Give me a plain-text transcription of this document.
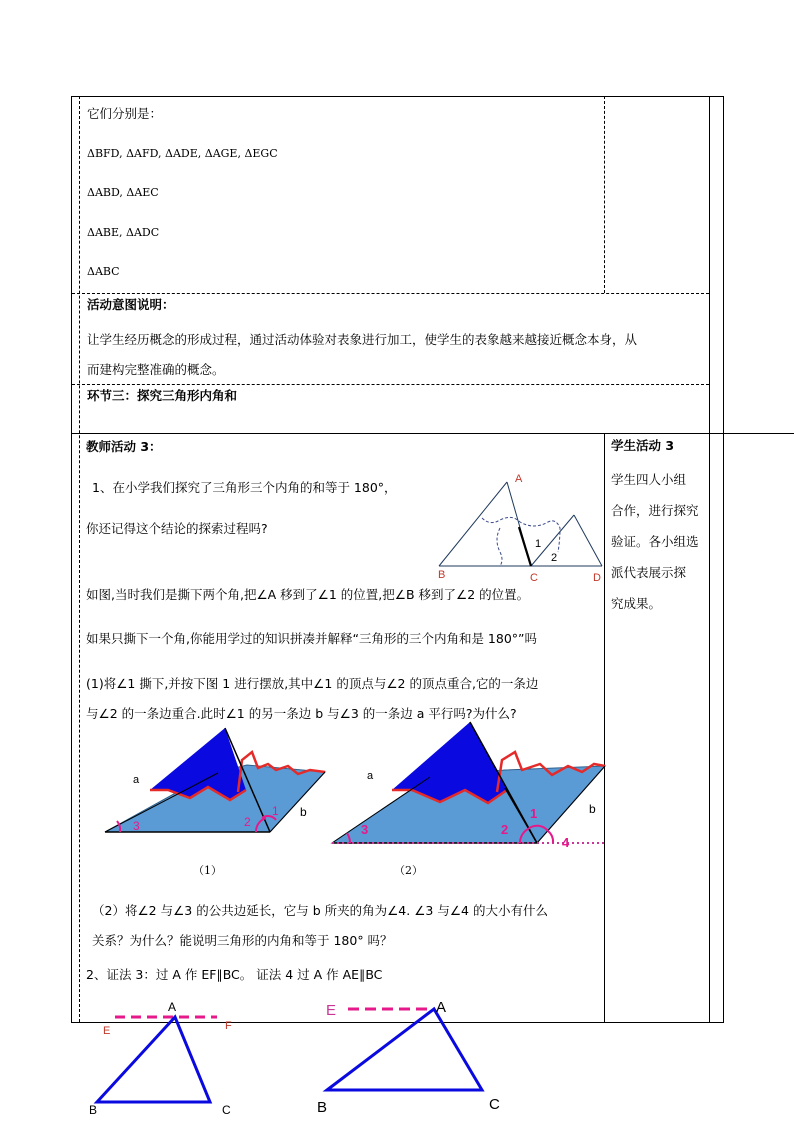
它们分别是：
ΔBFD, ΔAFD, ΔADE, ΔAGE, ΔEGC
ΔABD, ΔAEC
ΔABE, ΔADC
ΔABC
活动意图说明：
让学生经历概念的形成过程，通过活动体验对表象进行加工，使学生的表象越来越接近概念本身，从
而建构完整准确的概念。
环节三：探究三角形内角和
教师活动 3：
1、在小学我们探究了三角形三个内角的和等于 180°，
你还记得这个结论的探索过程吗?
如图,当时我们是撕下两个角,把∠A 移到了∠1 的位置,把∠B 移到了∠2 的位置。
如果只撕下一个角,你能用学过的知识拼凑并解释“三角形的三个内角和是 180°”吗
(1)将∠1 撕下,并按下图 1 进行摆放,其中∠1 的顶点与∠2 的顶点重合,它的一条边
与∠2 的一条边重合.此时∠1 的另一条边 b 与∠3 的一条边 a 平行吗?为什么?
（1）	（2）
（2）将∠2 与∠3 的公共边延长，它与 b 所夹的角为∠4. ∠3 与∠4 的大小有什么
关系？为什么？能说明三角形的内角和等于 180° 吗？
2、证法 3：过 A 作 EF∥BC。 证法 4 过 A 作 AE∥BC
学生活动 3
学生四人小组
合作，进行探究
验证。各小组选
派代表展示探
究成果。
A
B	C	D
1
2
a
b
3	2
1
a
b
3	2
1
4
A
E	F
B	C
A
E
B	C
